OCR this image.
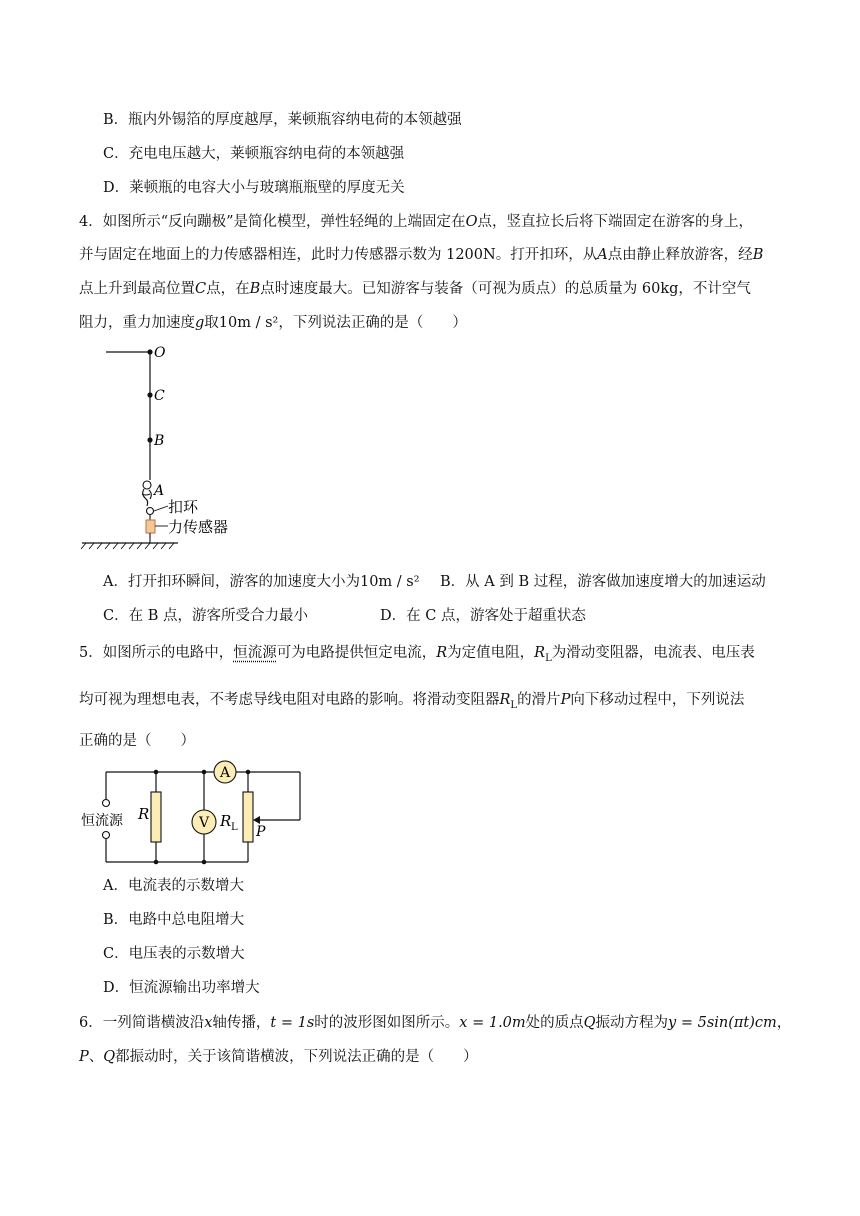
B．瓶内外锡箔的厚度越厚，莱顿瓶容纳电荷的本领越强
C．充电电压越大，莱顿瓶容纳电荷的本领越强
D．莱顿瓶的电容大小与玻璃瓶瓶壁的厚度无关
4．如图所示“反向蹦极”是简化模型，弹性轻绳的上端固定在O点，竖直拉长后将下端固定在游客的身上，
并与固定在地面上的力传感器相连，此时力传感器示数为 1200N。打开扣环，从A点由静止释放游客，经B
点上升到最高位置C点，在B点时速度最大。已知游客与装备（可视为质点）的总质量为 60kg，不计空气
阻力，重力加速度g取10m / s²，下列说法正确的是（　　）
O
C
B
A
扣环
力传感器
A．打开扣环瞬间，游客的加速度大小为10m / s² B．从 A 到 B 过程，游客做加速度增大的加速运动
C．在 B 点，游客所受合力最小	D．在 C 点，游客处于超重状态
5．如图所示的电路中，恒流源可为电路提供恒定电流，R为定值电阻，$R_L$为滑动变阻器，电流表、电压表
均可视为理想电表，不考虑导线电阻对电路的影响。将滑动变阻器$R_L$的滑片P向下移动过程中，下列说法
正确的是（　　）
恒流源 R	V
A
R L P
A．电流表的示数增大
B．电路中总电阻增大
C．电压表的示数增大
D．恒流源输出功率增大
6．一列简谐横波沿x轴传播，t = 1s时的波形图如图所示。x = 1.0m处的质点Q振动方程为y = 5sin(πt)cm，
P、Q都振动时，关于该简谐横波，下列说法正确的是（　　）
